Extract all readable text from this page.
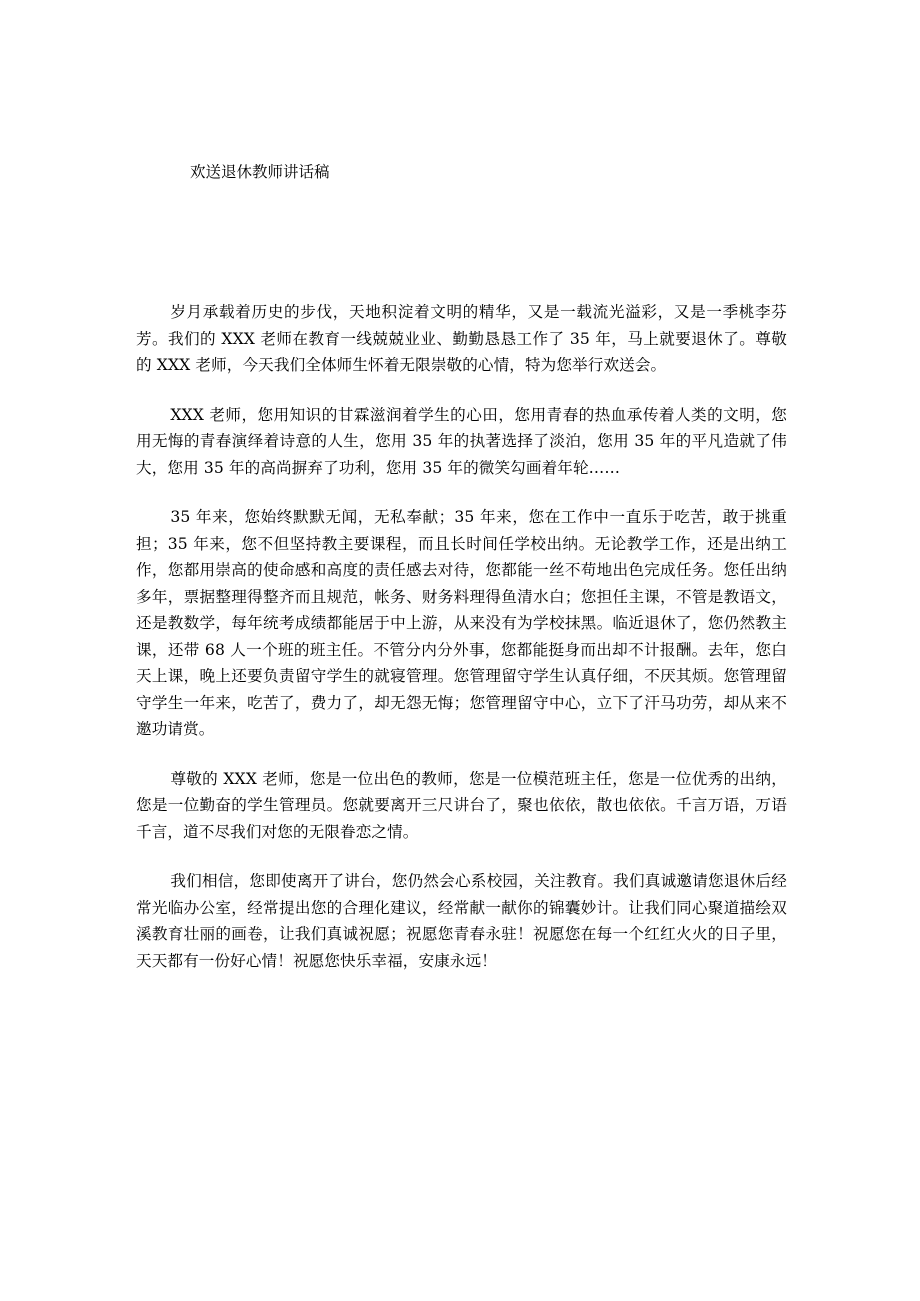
欢送退休教师讲话稿

岁月承载着历史的步伐，天地积淀着文明的精华，又是一载流光溢彩，又是一季桃李芬芳。我们的 XXX 老师在教育一线兢兢业业、勤勤恳恳工作了 35 年，马上就要退休了。尊敬的 XXX 老师，今天我们全体师生怀着无限崇敬的心情，特为您举行欢送会。

XXX 老师，您用知识的甘霖滋润着学生的心田，您用青春的热血承传着人类的文明，您用无悔的青春演绎着诗意的人生，您用 35 年的执著选择了淡泊，您用 35 年的平凡造就了伟大，您用 35 年的高尚摒弃了功利，您用 35 年的微笑勾画着年轮……

35 年来，您始终默默无闻，无私奉献；35 年来，您在工作中一直乐于吃苦，敢于挑重担；35 年来，您不但坚持教主要课程，而且长时间任学校出纳。无论教学工作，还是出纳工作，您都用崇高的使命感和高度的责任感去对待，您都能一丝不苟地出色完成任务。您任出纳多年，票据整理得整齐而且规范，帐务、财务料理得鱼清水白；您担任主课，不管是教语文，还是教数学，每年统考成绩都能居于中上游，从来没有为学校抹黑。临近退休了，您仍然教主课，还带 68 人一个班的班主任。不管分内分外事，您都能挺身而出却不计报酬。去年，您白天上课，晚上还要负责留守学生的就寝管理。您管理留守学生认真仔细，不厌其烦。您管理留守学生一年来，吃苦了，费力了，却无怨无悔；您管理留守中心，立下了汗马功劳，却从来不邀功请赏。

尊敬的 XXX 老师，您是一位出色的教师，您是一位模范班主任，您是一位优秀的出纳，您是一位勤奋的学生管理员。您就要离开三尺讲台了，聚也依依，散也依依。千言万语，万语千言，道不尽我们对您的无限眷恋之情。

我们相信，您即使离开了讲台，您仍然会心系校园，关注教育。我们真诚邀请您退休后经常光临办公室，经常提出您的合理化建议，经常献一献你的锦囊妙计。让我们同心聚道描绘双溪教育壮丽的画卷，让我们真诚祝愿；祝愿您青春永驻！祝愿您在每一个红红火火的日子里，天天都有一份好心情！祝愿您快乐幸福，安康永远！
